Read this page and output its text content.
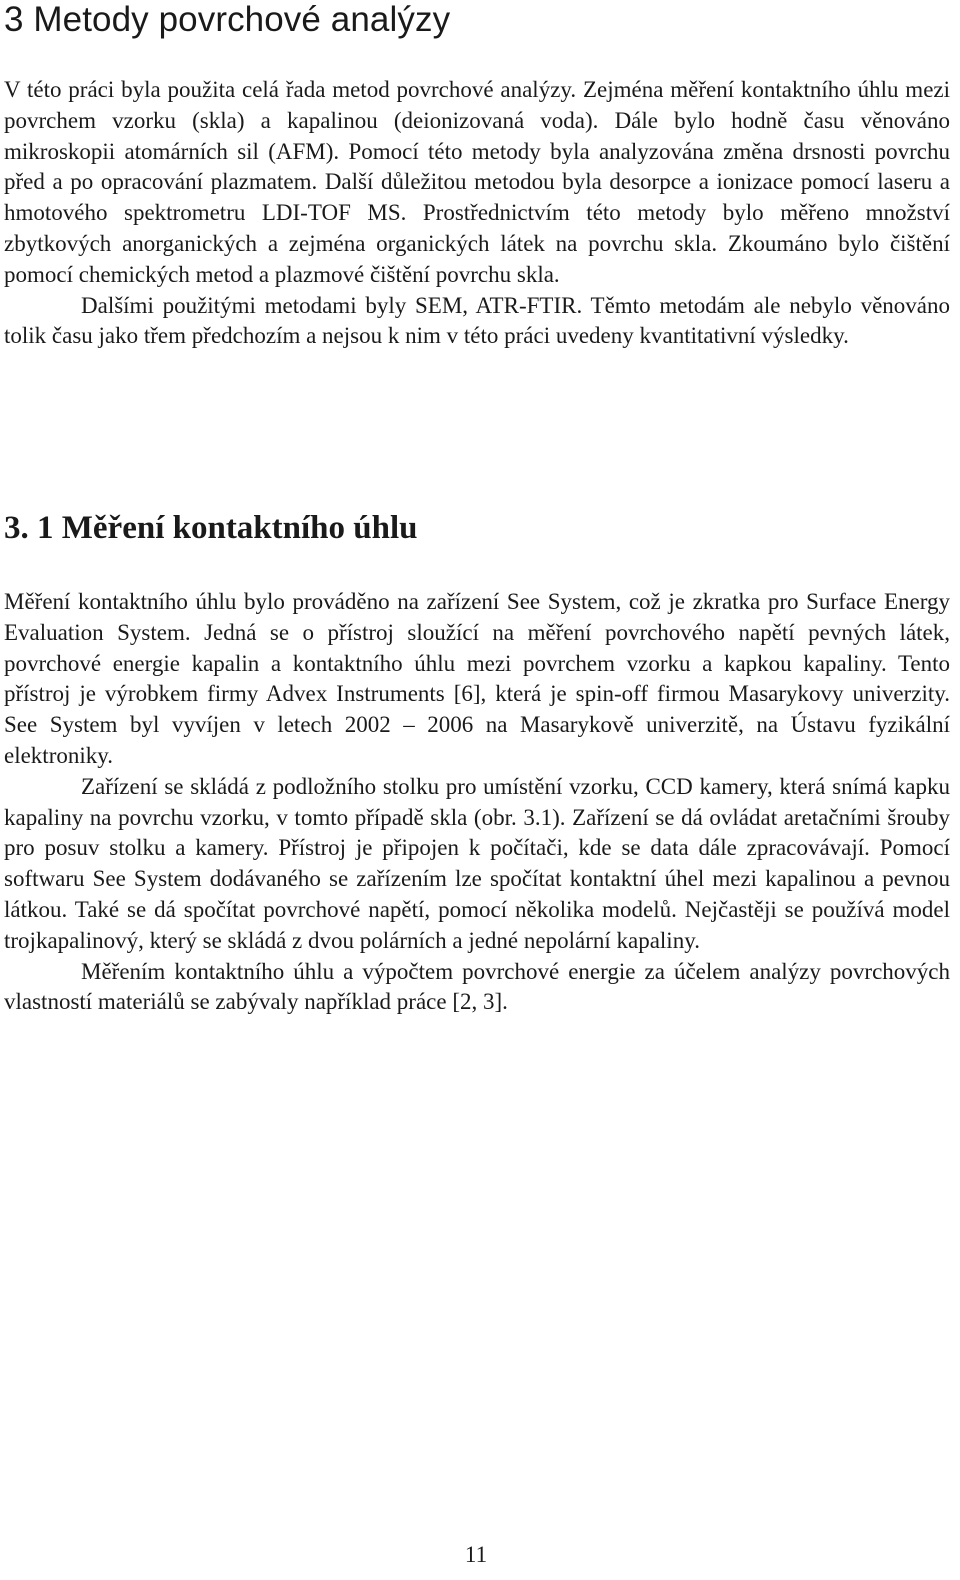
3 Metody povrchové analýzy

V této práci byla použita celá řada metod povrchové analýzy. Zejména měření kontaktního úhlu mezi povrchem vzorku (skla) a kapalinou (deionizovaná voda). Dále bylo hodně času věnováno mikroskopii atomárních sil (AFM). Pomocí této metody byla analyzována změna drsnosti povrchu před a po opracování plazmatem. Další důležitou metodou byla desorpce a ionizace pomocí laseru a hmotového spektrometru LDI-TOF MS. Prostřednictvím této metody bylo měřeno množství zbytkových anorganických a zejména organických látek na povrchu skla. Zkoumáno bylo čištění pomocí chemických metod a plazmové čištění povrchu skla.

Dalšími použitými metodami byly SEM, ATR-FTIR. Těmto metodám ale nebylo věnováno tolik času jako třem předchozím a nejsou k nim v této práci uvedeny kvantitativní výsledky.

3. 1 Měření kontaktního úhlu

Měření kontaktního úhlu bylo prováděno na zařízení See System, což je zkratka pro Surface Energy Evaluation System. Jedná se o přístroj sloužící na měření povrchového napětí pevných látek, povrchové energie kapalin a kontaktního úhlu mezi povrchem vzorku a kapkou kapaliny. Tento přístroj je výrobkem firmy Advex Instruments [6], která je spin-off firmou Masarykovy univerzity. See System byl vyvíjen v letech 2002 – 2006 na Masarykově univerzitě, na Ústavu fyzikální elektroniky.

Zařízení se skládá z podložního stolku pro umístění vzorku, CCD kamery, která snímá kapku kapaliny na povrchu vzorku, v tomto případě skla (obr. 3.1). Zařízení se dá ovládat aretačními šrouby pro posuv stolku a kamery. Přístroj je připojen k počítači, kde se data dále zpracovávají. Pomocí softwaru See System dodávaného se zařízením lze spočítat kontaktní úhel mezi kapalinou a pevnou látkou. Také se dá spočítat povrchové napětí, pomocí několika modelů. Nejčastěji se používá model trojkapalinový, který se skládá z dvou polárních a jedné nepolární kapaliny.

Měřením kontaktního úhlu a výpočtem povrchové energie za účelem analýzy povrchových vlastností materiálů se zabývaly například práce [2, 3].

11
